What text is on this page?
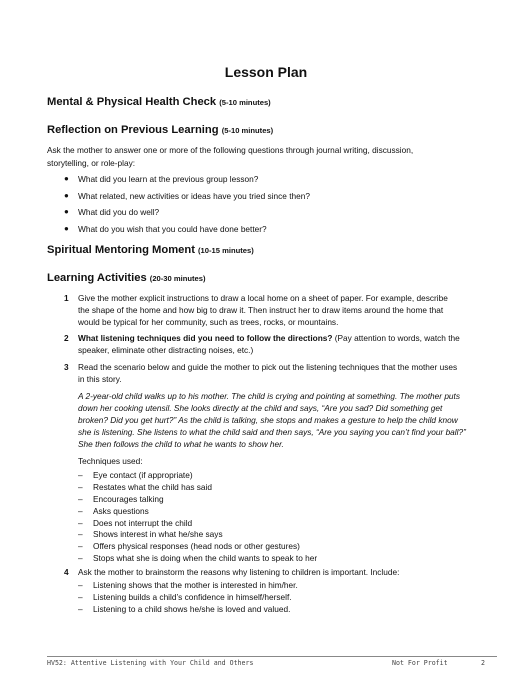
Lesson Plan
Mental & Physical Health Check (5-10 minutes)
Reflection on Previous Learning (5-10 minutes)
Ask the mother to answer one or more of the following questions through journal writing, discussion,
storytelling, or role-play:
● What did you learn at the previous group lesson?
● What related, new activities or ideas have you tried since then?
● What did you do well?
● What do you wish that you could have done better?
Spiritual Mentoring Moment (10-15 minutes)
Learning Activities (20-30 minutes)
1 Give the mother explicit instructions to draw a local home on a sheet of paper. For example, describe
the shape of the home and how big to draw it. Then instruct her to draw items around the home that
would be typical for her community, such as trees, rocks, or mountains.
2 What listening techniques did you need to follow the directions? (Pay attention to words, watch the
speaker, eliminate other distracting noises, etc.)
3 Read the scenario below and guide the mother to pick out the listening techniques that the mother uses
in this story.
A 2-year-old child walks up to his mother. The child is crying and pointing at something. The mother puts
down her cooking utensil. She looks directly at the child and says, “Are you sad? Did something get
broken? Did you get hurt?” As the child is talking, she stops and makes a gesture to help the child know
she is listening. She listens to what the child said and then says, “Are you saying you can’t find your ball?”
She then follows the child to what he wants to show her.
Techniques used:
– Eye contact (if appropriate)
– Restates what the child has said
– Encourages talking
– Asks questions
– Does not interrupt the child
– Shows interest in what he/she says
– Offers physical responses (head nods or other gestures)
– Stops what she is doing when the child wants to speak to her
4 Ask the mother to brainstorm the reasons why listening to children is important. Include:
– Listening shows that the mother is interested in him/her.
– Listening builds a child’s confidence in himself/herself.
– Listening to a child shows he/she is loved and valued.
HV52: Attentive Listening with Your Child and Others	Not For Profit	2
